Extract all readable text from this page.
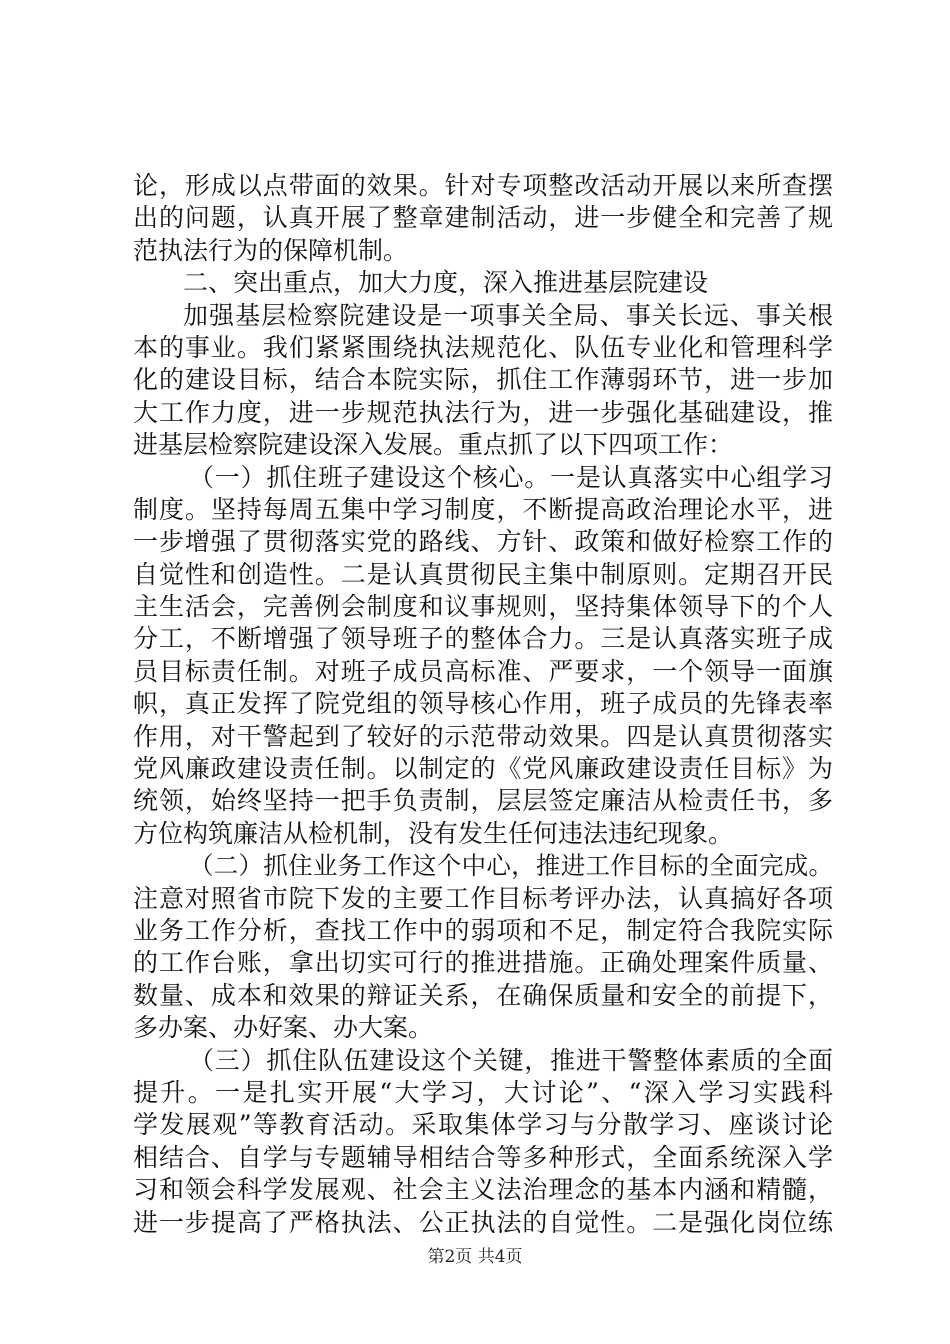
论，形成以点带面的效果。针对专项整改活动开展以来所查摆
出的问题，认真开展了整章建制活动，进一步健全和完善了规
范执法行为的保障机制。
二、突出重点，加大力度，深入推进基层院建设
加强基层检察院建设是一项事关全局、事关长远、事关根
本的事业。我们紧紧围绕执法规范化、队伍专业化和管理科学
化的建设目标，结合本院实际，抓住工作薄弱环节，进一步加
大工作力度，进一步规范执法行为，进一步强化基础建设，推
进基层检察院建设深入发展。重点抓了以下四项工作：
（一）抓住班子建设这个核心。一是认真落实中心组学习
制度。坚持每周五集中学习制度，不断提高政治理论水平，进
一步增强了贯彻落实党的路线、方针、政策和做好检察工作的
自觉性和创造性。二是认真贯彻民主集中制原则。定期召开民
主生活会，完善例会制度和议事规则，坚持集体领导下的个人
分工，不断增强了领导班子的整体合力。三是认真落实班子成
员目标责任制。对班子成员高标准、严要求，一个领导一面旗
帜，真正发挥了院党组的领导核心作用，班子成员的先锋表率
作用，对干警起到了较好的示范带动效果。四是认真贯彻落实
党风廉政建设责任制。以制定的《党风廉政建设责任目标》为
统领，始终坚持一把手负责制，层层签定廉洁从检责任书，多
方位构筑廉洁从检机制，没有发生任何违法违纪现象。
（二）抓住业务工作这个中心，推进工作目标的全面完成。
注意对照省市院下发的主要工作目标考评办法，认真搞好各项
业务工作分析，查找工作中的弱项和不足，制定符合我院实际
的工作台账，拿出切实可行的推进措施。正确处理案件质量、
数量、成本和效果的辩证关系，在确保质量和安全的前提下，
多办案、办好案、办大案。
（三）抓住队伍建设这个关键，推进干警整体素质的全面
提升。一是扎实开展“大学习，大讨论”、“深入学习实践科
学发展观”等教育活动。采取集体学习与分散学习、座谈讨论
相结合、自学与专题辅导相结合等多种形式，全面系统深入学
习和领会科学发展观、社会主义法治理念的基本内涵和精髓，
进一步提高了严格执法、公正执法的自觉性。二是强化岗位练
第2页 共4页
